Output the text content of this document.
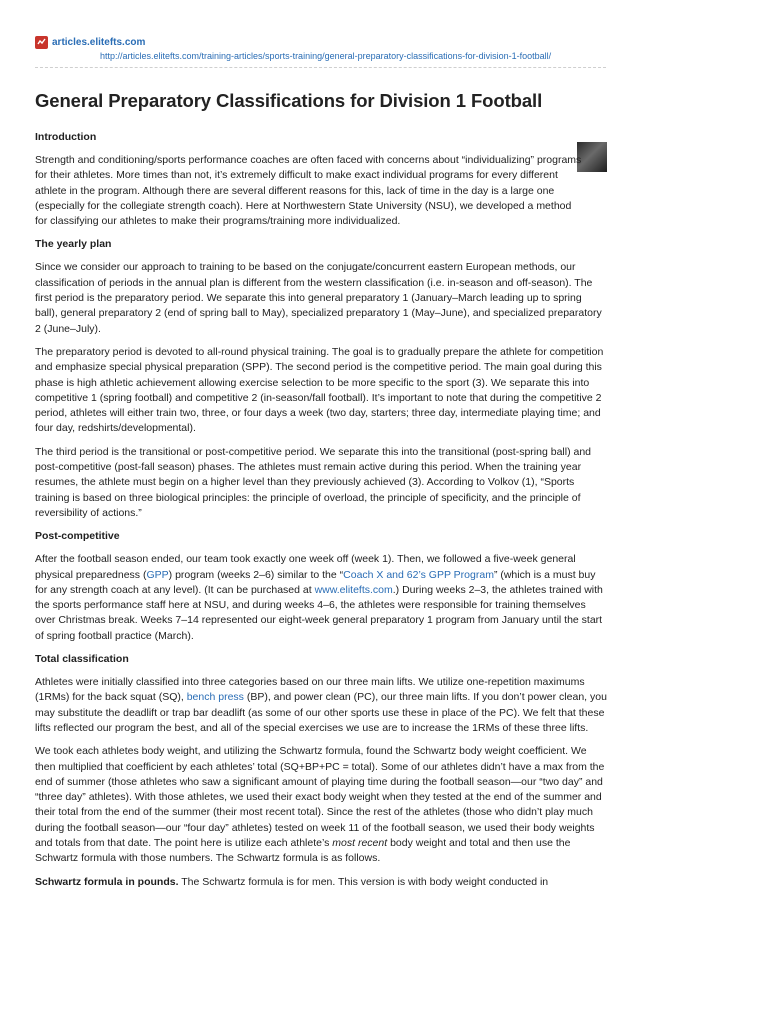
articles.elitefts.com
http://articles.elitefts.com/training-articles/sports-training/general-preparatory-classifications-for-division-1-football/
General Preparatory Classifications for Division 1 Football
Introduction

Strength and conditioning/sports performance coaches are often faced with concerns about “individualizing” programs for their athletes. More times than not, it’s extremely difficult to make exact individual programs for every different athlete in the program. Although there are several different reasons for this, lack of time in the day is a large one (especially for the collegiate strength coach). Here at Northwestern State University (NSU), we developed a method for classifying our athletes to make their programs/training more individualized.

The yearly plan

Since we consider our approach to training to be based on the conjugate/concurrent eastern European methods, our classification of periods in the annual plan is different from the western classification (i.e. in-season and off-season). The first period is the preparatory period. We separate this into general preparatory 1 (January–March leading up to spring ball), general preparatory 2 (end of spring ball to May), specialized preparatory 1 (May–June), and specialized preparatory 2 (June–July).

The preparatory period is devoted to all-round physical training. The goal is to gradually prepare the athlete for competition and emphasize special physical preparation (SPP). The second period is the competitive period. The main goal during this phase is high athletic achievement allowing exercise selection to be more specific to the sport (3). We separate this into competitive 1 (spring football) and competitive 2 (in-season/fall football). It’s important to note that during the competitive 2 period, athletes will either train two, three, or four days a week (two day, starters; three day, intermediate playing time; and four day, redshirts/developmental).

The third period is the transitional or post-competitive period. We separate this into the transitional (post-spring ball) and post-competitive (post-fall season) phases. The athletes must remain active during this period. When the training year resumes, the athlete must begin on a higher level than they previously achieved (3). According to Volkov (1), “Sports training is based on three biological principles: the principle of overload, the principle of specificity, and the principle of reversibility of actions.”

Post-competitive

After the football season ended, our team took exactly one week off (week 1). Then, we followed a five-week general physical preparedness (GPP) program (weeks 2–6) similar to the “Coach X and 62’s GPP Program” (which is a must buy for any strength coach at any level). (It can be purchased at www.elitefts.com.) During weeks 2–3, the athletes trained with the sports performance staff here at NSU, and during weeks 4–6, the athletes were responsible for training themselves over Christmas break. Weeks 7–14 represented our eight-week general preparatory 1 program from January until the start of spring football practice (March).

Total classification

Athletes were initially classified into three categories based on our three main lifts. We utilize one-repetition maximums (1RMs) for the back squat (SQ), bench press (BP), and power clean (PC), our three main lifts. If you don’t power clean, you may substitute the deadlift or trap bar deadlift (as some of our other sports use these in place of the PC). We felt that these lifts reflected our program the best, and all of the special exercises we use are to increase the 1RMs of these three lifts.

We took each athletes body weight, and utilizing the Schwartz formula, found the Schwartz body weight coefficient. We then multiplied that coefficient by each athletes’ total (SQ+BP+PC = total). Some of our athletes didn’t have a max from the end of summer (those athletes who saw a significant amount of playing time during the football season—our “two day” and “three day” athletes). With those athletes, we used their exact body weight when they tested at the end of the summer and their total from the end of the summer (their most recent total). Since the rest of the athletes (those who didn’t play much during the football season—our “four day” athletes) tested on week 11 of the football season, we used their body weights and totals from that date. The point here is utilize each athlete’s most recent body weight and total and then use the Schwartz formula with those numbers. The Schwartz formula is as follows.

Schwartz formula in pounds. The Schwartz formula is for men. This version is with body weight conducted in
